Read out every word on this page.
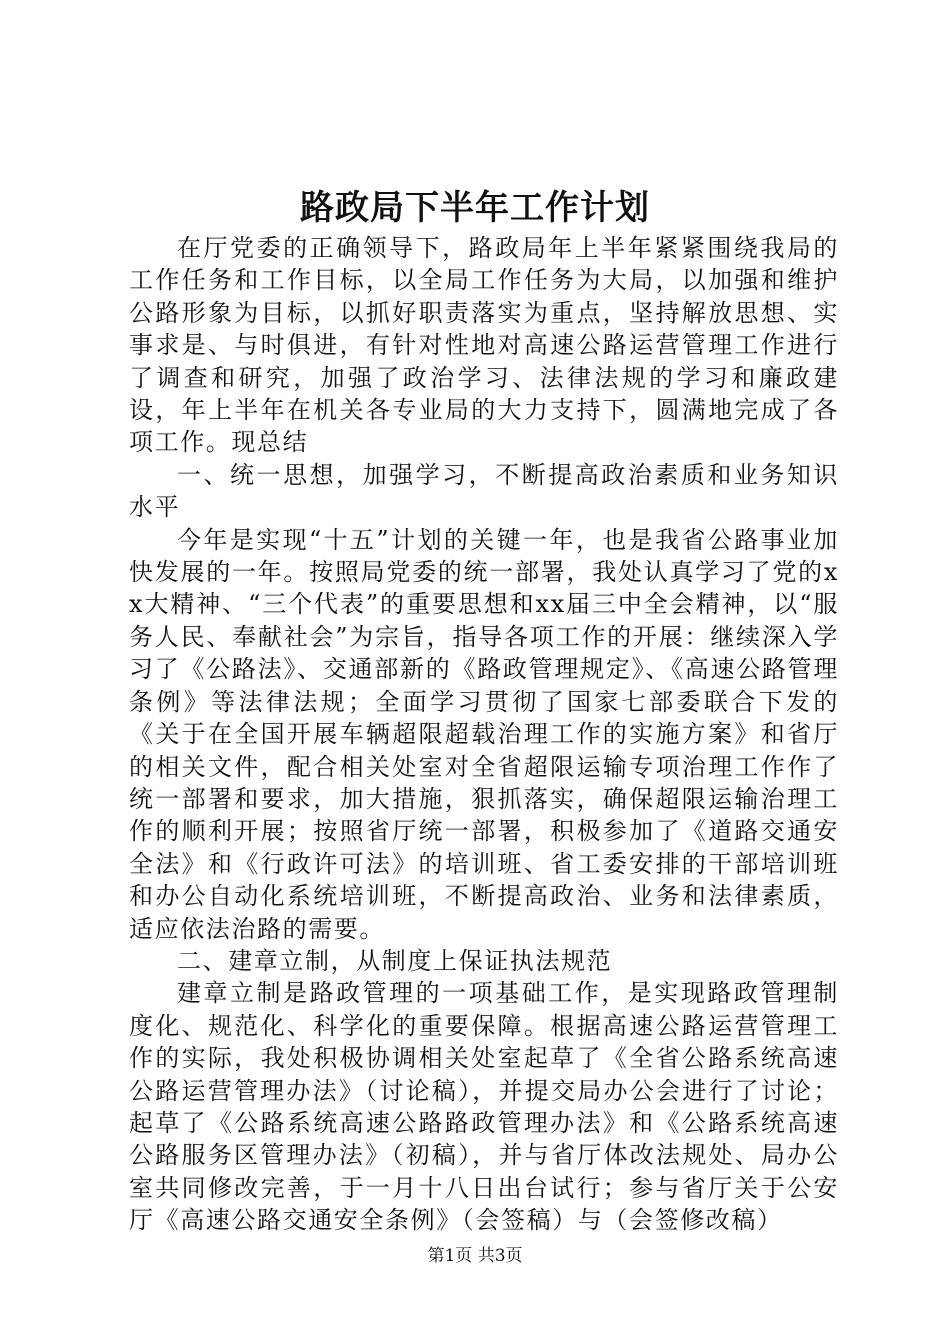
路政局下半年工作计划

在厅党委的正确领导下，路政局年上半年紧紧围绕我局的工作任务和工作目标，以全局工作任务为大局，以加强和维护公路形象为目标，以抓好职责落实为重点，坚持解放思想、实事求是、与时俱进，有针对性地对高速公路运营管理工作进行了调查和研究，加强了政治学习、法律法规的学习和廉政建设，年上半年在机关各专业局的大力支持下，圆满地完成了各项工作。现总结

一、统一思想，加强学习，不断提高政治素质和业务知识水平

今年是实现“十五”计划的关键一年，也是我省公路事业加快发展的一年。按照局党委的统一部署，我处认真学习了党的xx大精神、“三个代表”的重要思想和xx届三中全会精神，以“服务人民、奉献社会”为宗旨，指导各项工作的开展：继续深入学习了《公路法》、交通部新的《路政管理规定》、《高速公路管理条例》等法律法规；全面学习贯彻了国家七部委联合下发的《关于在全国开展车辆超限超载治理工作的实施方案》和省厅的相关文件，配合相关处室对全省超限运输专项治理工作作了统一部署和要求，加大措施，狠抓落实，确保超限运输治理工作的顺利开展；按照省厅统一部署，积极参加了《道路交通安全法》和《行政许可法》的培训班、省工委安排的干部培训班和办公自动化系统培训班，不断提高政治、业务和法律素质，适应依法治路的需要。

二、建章立制，从制度上保证执法规范

建章立制是路政管理的一项基础工作，是实现路政管理制度化、规范化、科学化的重要保障。根据高速公路运营管理工作的实际，我处积极协调相关处室起草了《全省公路系统高速公路运营管理办法》（讨论稿），并提交局办公会进行了讨论；起草了《公路系统高速公路路政管理办法》和《公路系统高速公路服务区管理办法》（初稿），并与省厅体改法规处、局办公室共同修改完善，于一月十八日出台试行；参与省厅关于公安厅《高速公路交通安全条例》（会签稿）与（会签修改稿）

第1页 共3页
